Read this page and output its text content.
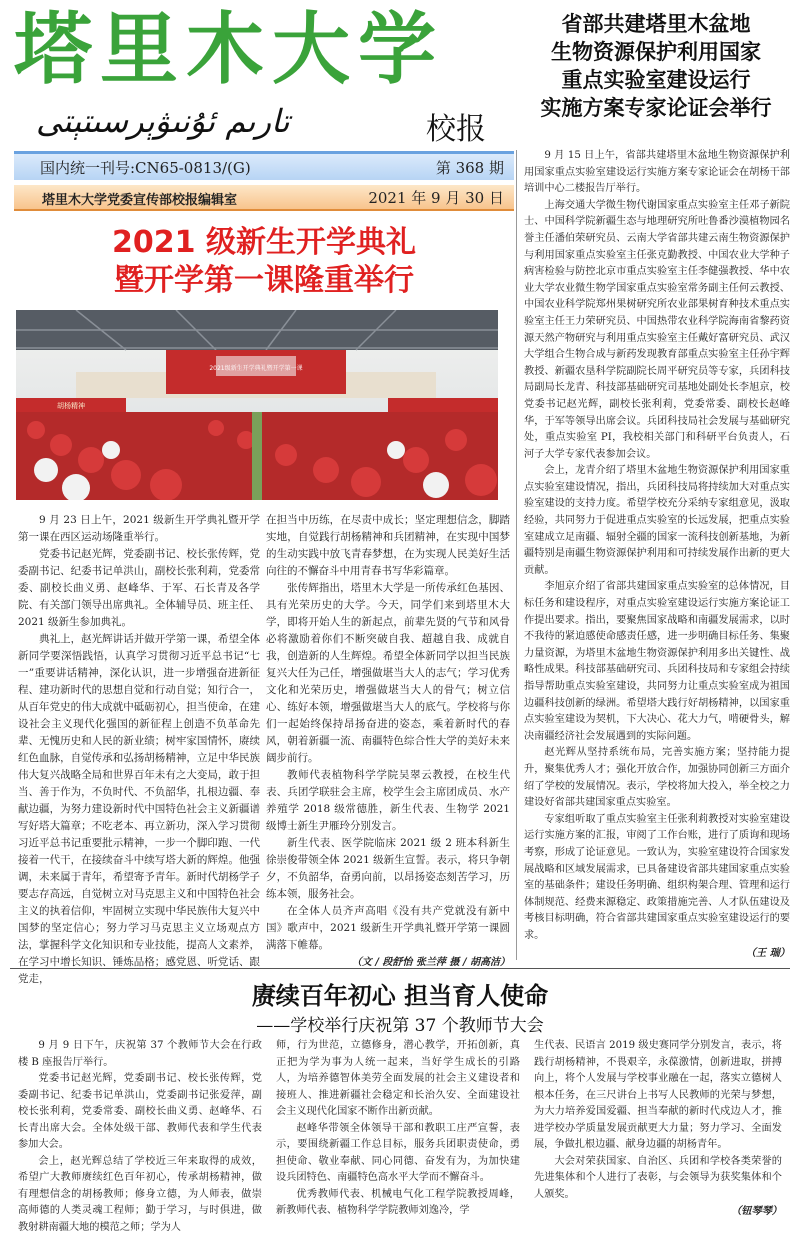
塔里木大学
تارىم ئۇنىۋېرسىتېتى	校报
国内统一刊号:CN65-0813/(G)	第 368 期
塔里木大学党委宣传部校报编辑室	2021 年 9 月 30 日
省部共建塔里木盆地
生物资源保护利用国家
重点实验室建设运行
实施方案专家论证会举行

9 月 15 日上午，省部共建塔里木盆地生物资源保护利用国家重点实验室建设运行实施方案专家论证会在胡杨干部培训中心二楼报告厅举行。

上海交通大学微生物代谢国家重点实验室主任邓子新院士、中国科学院新疆生态与地理研究所吐鲁番沙漠植物园名誉主任潘伯荣研究员、云南大学省部共建云南生物资源保护与利用国家重点实验室主任张克勤教授、中国农业大学种子病害检验与防控北京市重点实验室主任李健强教授、华中农业大学农业微生物学国家重点实验室常务副主任何云教授、中国农业科学院郑州果树研究所农业部果树育种技术重点实验室主任王力荣研究员、中国热带农业科学院海南省黎药资源天然产物研究与利用重点实验室主任戴好富研究员、武汉大学组合生物合成与新药发现教育部重点实验室主任孙宇辉教授、新疆农垦科学院副院长周平研究员等专家，兵团科技局副局长龙青、科技部基础研究司基地处副处长李旭京，校党委书记赵光辉，副校长张利莉，党委常委、副校长赵峰华，于军等领导出席会议。兵团科技局社会发展与基础研究处，重点实验室 PI，我校相关部门和科研平台负责人，石河子大学专家代表参加会议。

会上，龙青介绍了塔里木盆地生物资源保护利用国家重点实验室建设情况，指出，兵团科技局将持续加大对重点实验室建设的支持力度。希望学校充分采纳专家组意见，汲取经验，共同努力于促进重点实验室的长远发展，把重点实验室建成立足南疆、辐射全疆的国家一流科技创新基地，为新疆特别是南疆生物资源保护利用和可持续发展作出新的更大贡献。

李旭京介绍了省部共建国家重点实验室的总体情况，目标任务和建设程序，对重点实验室建设运行实施方案论证工作提出要求。指出，要聚焦国家战略和南疆发展需求，以时不我待的紧迫感使命感责任感，进一步明确目标任务、集聚力量资源，为塔里木盆地生物资源保护利用多出关键性、战略性成果。科技部基础研究司、兵团科技局和专家组会持续指导帮助重点实验室建设，共同努力让重点实验室成为祖国边疆科技创新的绿洲。希望塔大践行好胡杨精神，以国家重点实验室建设为契机，下大决心、花大力气，啃硬骨头，解决南疆经济社会发展遇到的实际问题。

赵光辉从坚持系统布局，完善实施方案；坚持能力提升，聚集优秀人才；强化开放合作，加强协同创新三方面介绍了学校的发展情况。表示，学校将加大投入，举全校之力建设好省部共建国家重点实验室。

专家组听取了重点实验室主任张利莉教授对实验室建设运行实施方案的汇报，审阅了工作台账，进行了质询和现场考察，形成了论证意见。一致认为，实验室建设符合国家发展战略和区域发展需求，已具备建设省部共建国家重点实验室的基础条件；建设任务明确、组织构架合理、管理和运行体制规范、经费来源稳定、政策措施完善、人才队伍建设及考核目标明确，符合省部共建国家重点实验室建设运行的要求。

（王 瑞）
2021 级新生开学典礼
暨开学第一课隆重举行
2021级新生开学典礼暨开学第一课
胡杨精神

9 月 23 日上午，2021 级新生开学典礼暨开学第一课在西区运动场隆重举行。

党委书记赵光辉，党委副书记、校长张传辉，党委副书记、纪委书记单洪山，副校长张利莉，党委常委、副校长曲义勇、赵峰华、于军、石长青及各学院、有关部门领导出席典礼。全体辅导员、班主任、2021 级新生参加典礼。

典礼上，赵光辉讲话并做开学第一课，希望全体新同学要深悟践悟，认真学习贯彻习近平总书记“七一”重要讲话精神，深化认识，进一步增强奋进新征程、建功新时代的思想自觉和行动自觉；知行合一，从百年党史的伟大成就中砥砺初心，担当使命，在建设社会主义现代化强国的新征程上创造不负革命先辈、无愧历史和人民的新业绩；树牢家国情怀，赓续红色血脉，自觉传承和弘扬胡杨精神，立足中华民族伟大复兴战略全局和世界百年未有之大变局，敢于担当、善于作为，不负时代、不负韶华，扎根边疆、奉献边疆，为努力建设新时代中国特色社会主义新疆谱写好塔大篇章；不吃老本、再立新功，深入学习贯彻习近平总书记重要批示精神，一步一个脚印跑、一代接着一代干，在接续奋斗中续写塔大新的辉煌。他强调，未来属于青年，希望寄予青年。新时代胡杨学子要志存高远，自觉树立对马克思主义和中国特色社会主义的执着信仰，牢固树立实现中华民族伟大复兴中国梦的坚定信心；努力学习马克思主义立场观点方法，掌握科学文化知识和专业技能，提高人文素养，在学习中增长知识、锤炼品格；感党恩、听党话、跟党走，

在担当中历练，在尽责中成长；坚定理想信念，脚踏实地，自觉践行胡杨精神和兵团精神，在实现中国梦的生动实践中放飞青春梦想，在为实现人民美好生活向往的不懈奋斗中用青春书写华彩篇章。

张传辉指出，塔里木大学是一所传承红色基因、具有光荣历史的大学。今天，同学们来到塔里木大学，即将开始人生的新起点，前辈先贤的气节和风骨必将激励着你们不断突破自我、超越自我、成就自我，创造新的人生辉煌。希望全体新同学以担当民族复兴大任为己任，增强做堪当大人的志气；学习优秀文化和光荣历史，增强做堪当大人的骨气；树立信心、练好本领，增强做堪当大人的底气。学校将与你们一起始终保持昂扬奋进的姿态，乘着新时代的春风，朝着新疆一流、南疆特色综合性大学的美好未来阔步前行。

教师代表植物科学学院吴翠云教授，在校生代表、兵团学联驻会主席，校学生会主席团成员、水产养殖学 2018 级常德胜，新生代表、生物学 2021 级博士新生尹雁玲分别发言。

新生代表、医学院临床 2021 级 2 班本科新生徐崇俊带领全体 2021 级新生宣誓。表示，将只争朝夕，不负韶华，奋勇向前，以昂扬姿态刻苦学习，历练本领，服务社会。

在全体人员齐声高唱《没有共产党就没有新中国》歌声中，2021 级新生开学典礼暨开学第一课圆满落下帷幕。

（文 / 段舒怡 张兰萍 摄 / 胡高洁）
赓续百年初心 担当育人使命
——学校举行庆祝第 37 个教师节大会

9 月 9 日下午，庆祝第 37 个教师节大会在行政楼 B 座报告厅举行。

党委书记赵光辉，党委副书记、校长张传辉，党委副书记、纪委书记单洪山，党委副书记张爱萍，副校长张利莉，党委常委、副校长曲义勇、赵峰华、石长青出席大会。全体处级干部、教师代表和学生代表参加大会。

会上，赵光辉总结了学校近三年来取得的成效，希望广大教师赓续红色百年初心，传承胡杨精神，做有理想信念的胡杨教师；修身立德，为人师表，做崇高师德的人类灵魂工程师；勤于学习，与时俱进，做教射耕南疆大地的模范之师；学为人

师，行为世范，立德修身，潜心教学，开拓创新，真正把为学为事为人统一起来，当好学生成长的引路人，为培养德智体美劳全面发展的社会主义建设者和接班人、推进新疆社会稳定和长治久安、全面建设社会主义现代化国家不断作出新贡献。

赵峰华带领全体领导干部和教职工庄严宣誓，表示，要围绕新疆工作总目标，服务兵团职责使命，勇担使命、敬业奉献、同心同德、奋发有为，为加快建设兵团特色、南疆特色高水平大学而不懈奋斗。

优秀教师代表、机械电气化工程学院教授周峰，新教师代表、植物科学学院教师刘逸冷，学

生代表、民语言 2019 级史赛同学分别发言，表示，将践行胡杨精神，不畏艰辛，永葆激情，创新进取，拼搏向上，将个人发展与学校事业融在一起，落实立德树人根本任务，在三尺讲台上书写人民教师的光荣与梦想，为大力培养爱国爱疆、担当奉献的新时代戍边人才，推进学校办学质量发展贡献更大力量；努力学习、全面发展，争做扎根边疆、献身边疆的胡杨青年。

大会对荣获国家、自治区、兵团和学校各类荣誉的先进集体和个人进行了表彰，与会领导为获奖集体和个人颁奖。

（钮琴琴）
